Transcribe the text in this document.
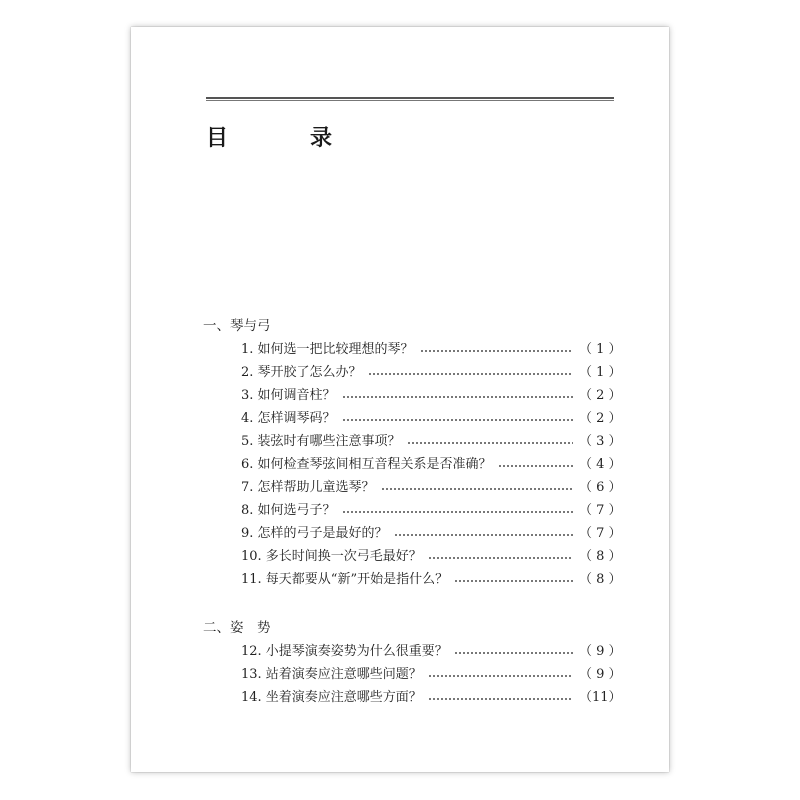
目　录
一、琴与弓
1. 如何选一把比较理想的琴？	（ 1 ）
2. 琴开胶了怎么办？	（ 1 ）
3. 如何调音柱？	（ 2 ）
4. 怎样调琴码？	（ 2 ）
5. 装弦时有哪些注意事项？	（ 3 ）
6. 如何检查琴弦间相互音程关系是否准确？	（ 4 ）
7. 怎样帮助儿童选琴？	（ 6 ）
8. 如何选弓子？	（ 7 ）
9. 怎样的弓子是最好的？	（ 7 ）
10. 多长时间换一次弓毛最好？	（ 8 ）
11. 每天都要从“新”开始是指什么？	（ 8 ）
二、姿　势
12. 小提琴演奏姿势为什么很重要？	（ 9 ）
13. 站着演奏应注意哪些问题？	（ 9 ）
14. 坐着演奏应注意哪些方面？	（11）
